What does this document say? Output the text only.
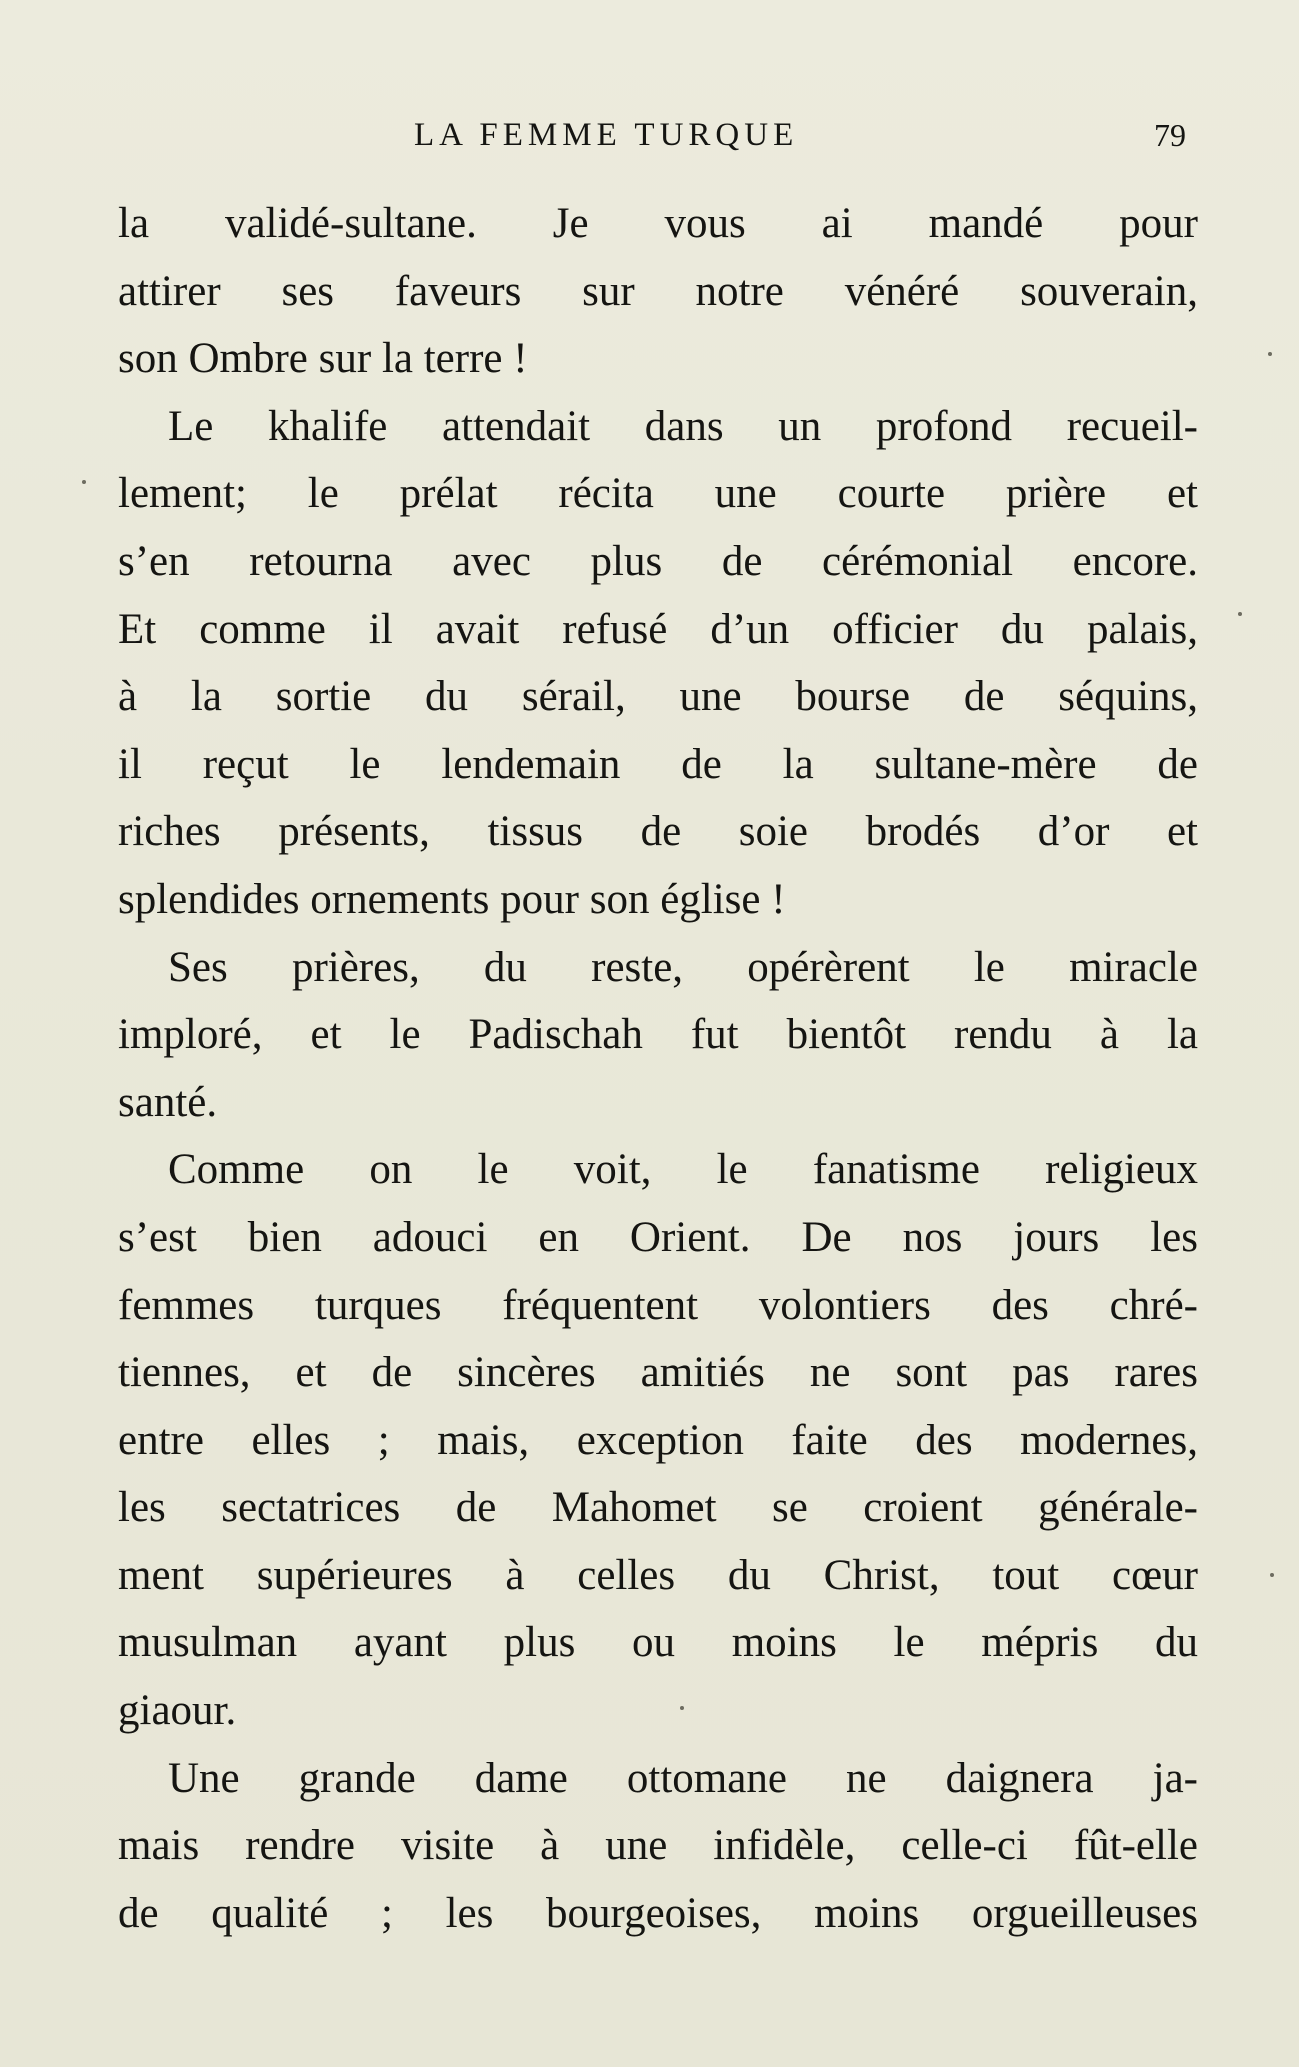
LA FEMME TURQUE	79
la validé-sultane. Je vous ai mandé pour
attirer ses faveurs sur notre vénéré souverain,
son Ombre sur la terre !
Le khalife attendait dans un profond recueil-
lement; le prélat récita une courte prière et
s’en retourna avec plus de cérémonial encore.
Et comme il avait refusé d’un officier du palais,
à la sortie du sérail, une bourse de séquins,
il reçut le lendemain de la sultane-mère de
riches présents, tissus de soie brodés d’or et
splendides ornements pour son église !
Ses prières, du reste, opérèrent le miracle
imploré, et le Padischah fut bientôt rendu à la
santé.
Comme on le voit, le fanatisme religieux
s’est bien adouci en Orient. De nos jours les
femmes turques fréquentent volontiers des chré-
tiennes, et de sincères amitiés ne sont pas rares
entre elles ; mais, exception faite des modernes,
les sectatrices de Mahomet se croient générale-
ment supérieures à celles du Christ, tout cœur
musulman ayant plus ou moins le mépris du
giaour.
Une grande dame ottomane ne daignera ja-
mais rendre visite à une infidèle, celle-ci fût-elle
de qualité ; les bourgeoises, moins orgueilleuses
